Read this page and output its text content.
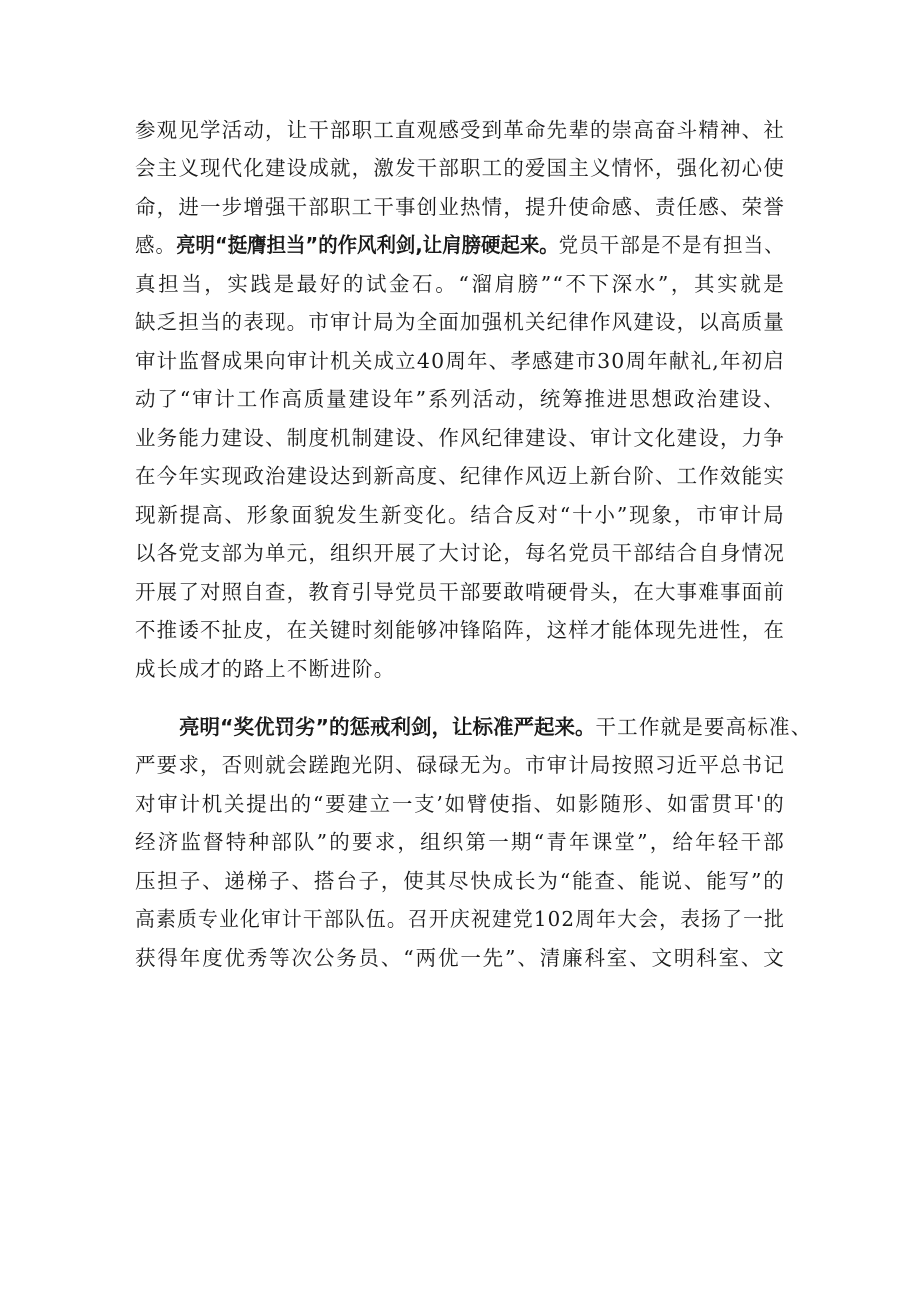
参观见学活动，让干部职工直观感受到革命先辈的崇高奋斗精神、社
会主义现代化建设成就，激发干部职工的爱国主义情怀，强化初心使
命，进一步增强干部职工干事创业热情，提升使命感、责任感、荣誉
感。亮明“挺膺担当”的作风利剑,让肩膀硬起来。党员干部是不是有担当、
真担当，实践是最好的试金石。“溜肩膀”“不下深水”，其实就是
缺乏担当的表现。市审计局为全面加强机关纪律作风建设，以高质量
审计监督成果向审计机关成立40周年、孝感建市30周年献礼,年初启
动了“审计工作高质量建设年”系列活动，统筹推进思想政治建设、
业务能力建设、制度机制建设、作风纪律建设、审计文化建设，力争
在今年实现政治建设达到新高度、纪律作风迈上新台阶、工作效能实
现新提高、形象面貌发生新变化。结合反对“十小”现象，市审计局
以各党支部为单元，组织开展了大讨论，每名党员干部结合自身情况
开展了对照自查，教育引导党员干部要敢啃硬骨头，在大事难事面前
不推诿不扯皮，在关键时刻能够冲锋陷阵，这样才能体现先进性，在
成长成才的路上不断进阶。
亮明“奖优罚劣”的惩戒利剑，让标准严起来。干工作就是要高标准、
严要求，否则就会蹉跑光阴、碌碌无为。市审计局按照习近平总书记
对审计机关提出的“要建立一支’如臂使指、如影随形、如雷贯耳'的
经济监督特种部队”的要求，组织第一期“青年课堂”，给年轻干部
压担子、递梯子、搭台子，使其尽快成长为“能查、能说、能写”的
高素质专业化审计干部队伍。召开庆祝建党102周年大会，表扬了一批
获得年度优秀等次公务员、“两优一先”、清廉科室、文明科室、文
